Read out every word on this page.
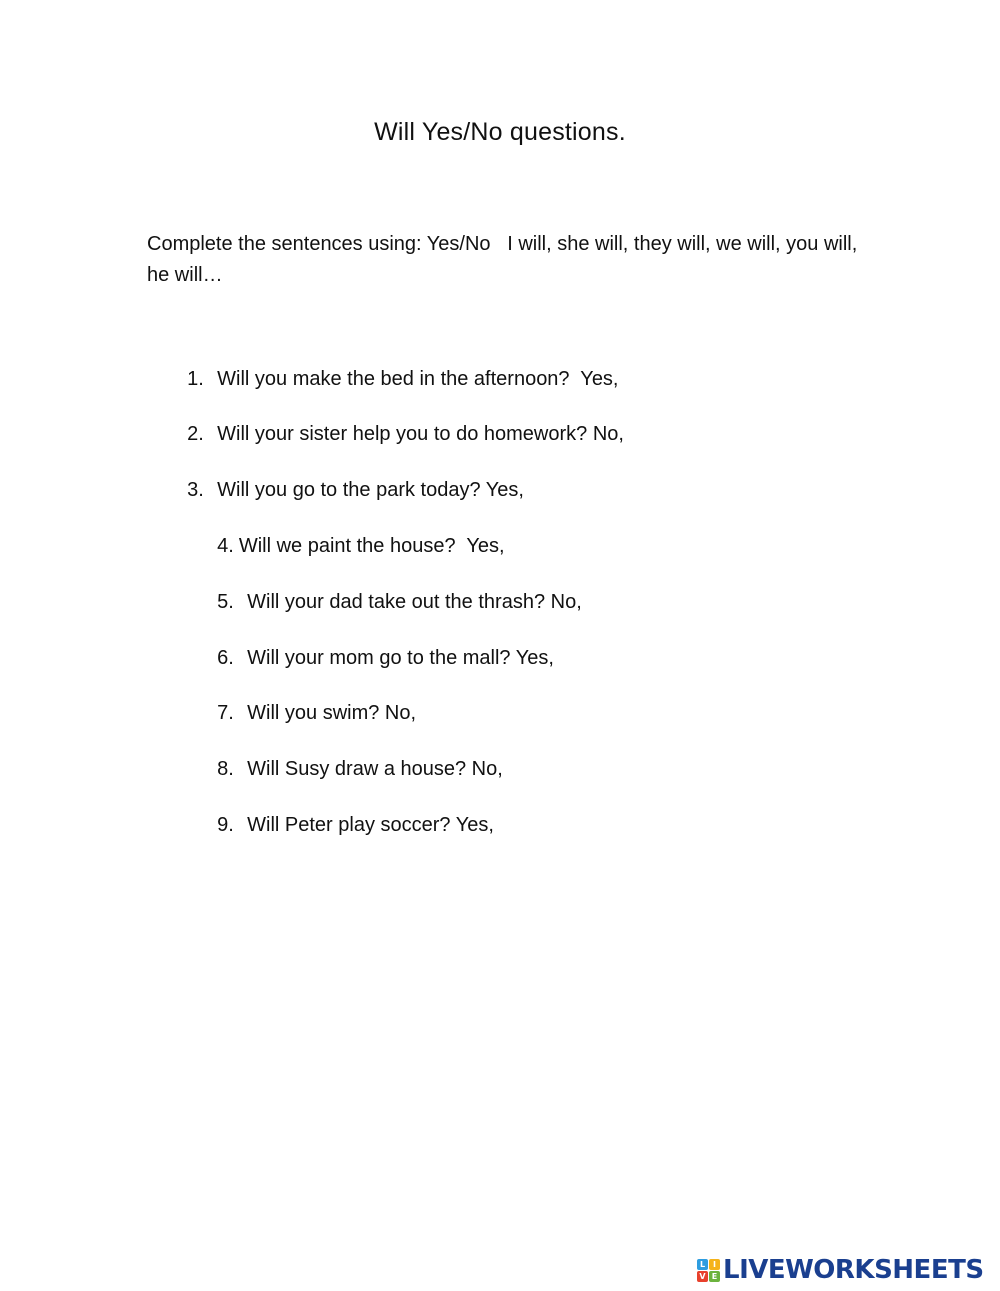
Will Yes/No questions.

Complete the sentences using: Yes/No   I will, she will, they will, we will, you will, he will…

1. Will you make the bed in the afternoon?  Yes,

2. Will your sister help you to do homework? No,

3. Will you go to the park today? Yes,

4. Will we paint the house?  Yes,

5. Will your dad take out the thrash? No,

6. Will your mom go to the mall? Yes,

7. Will you swim? No,

8. Will Susy draw a house? No,

9. Will Peter play soccer? Yes,

L I
V E LIVEWORKSHEETS
